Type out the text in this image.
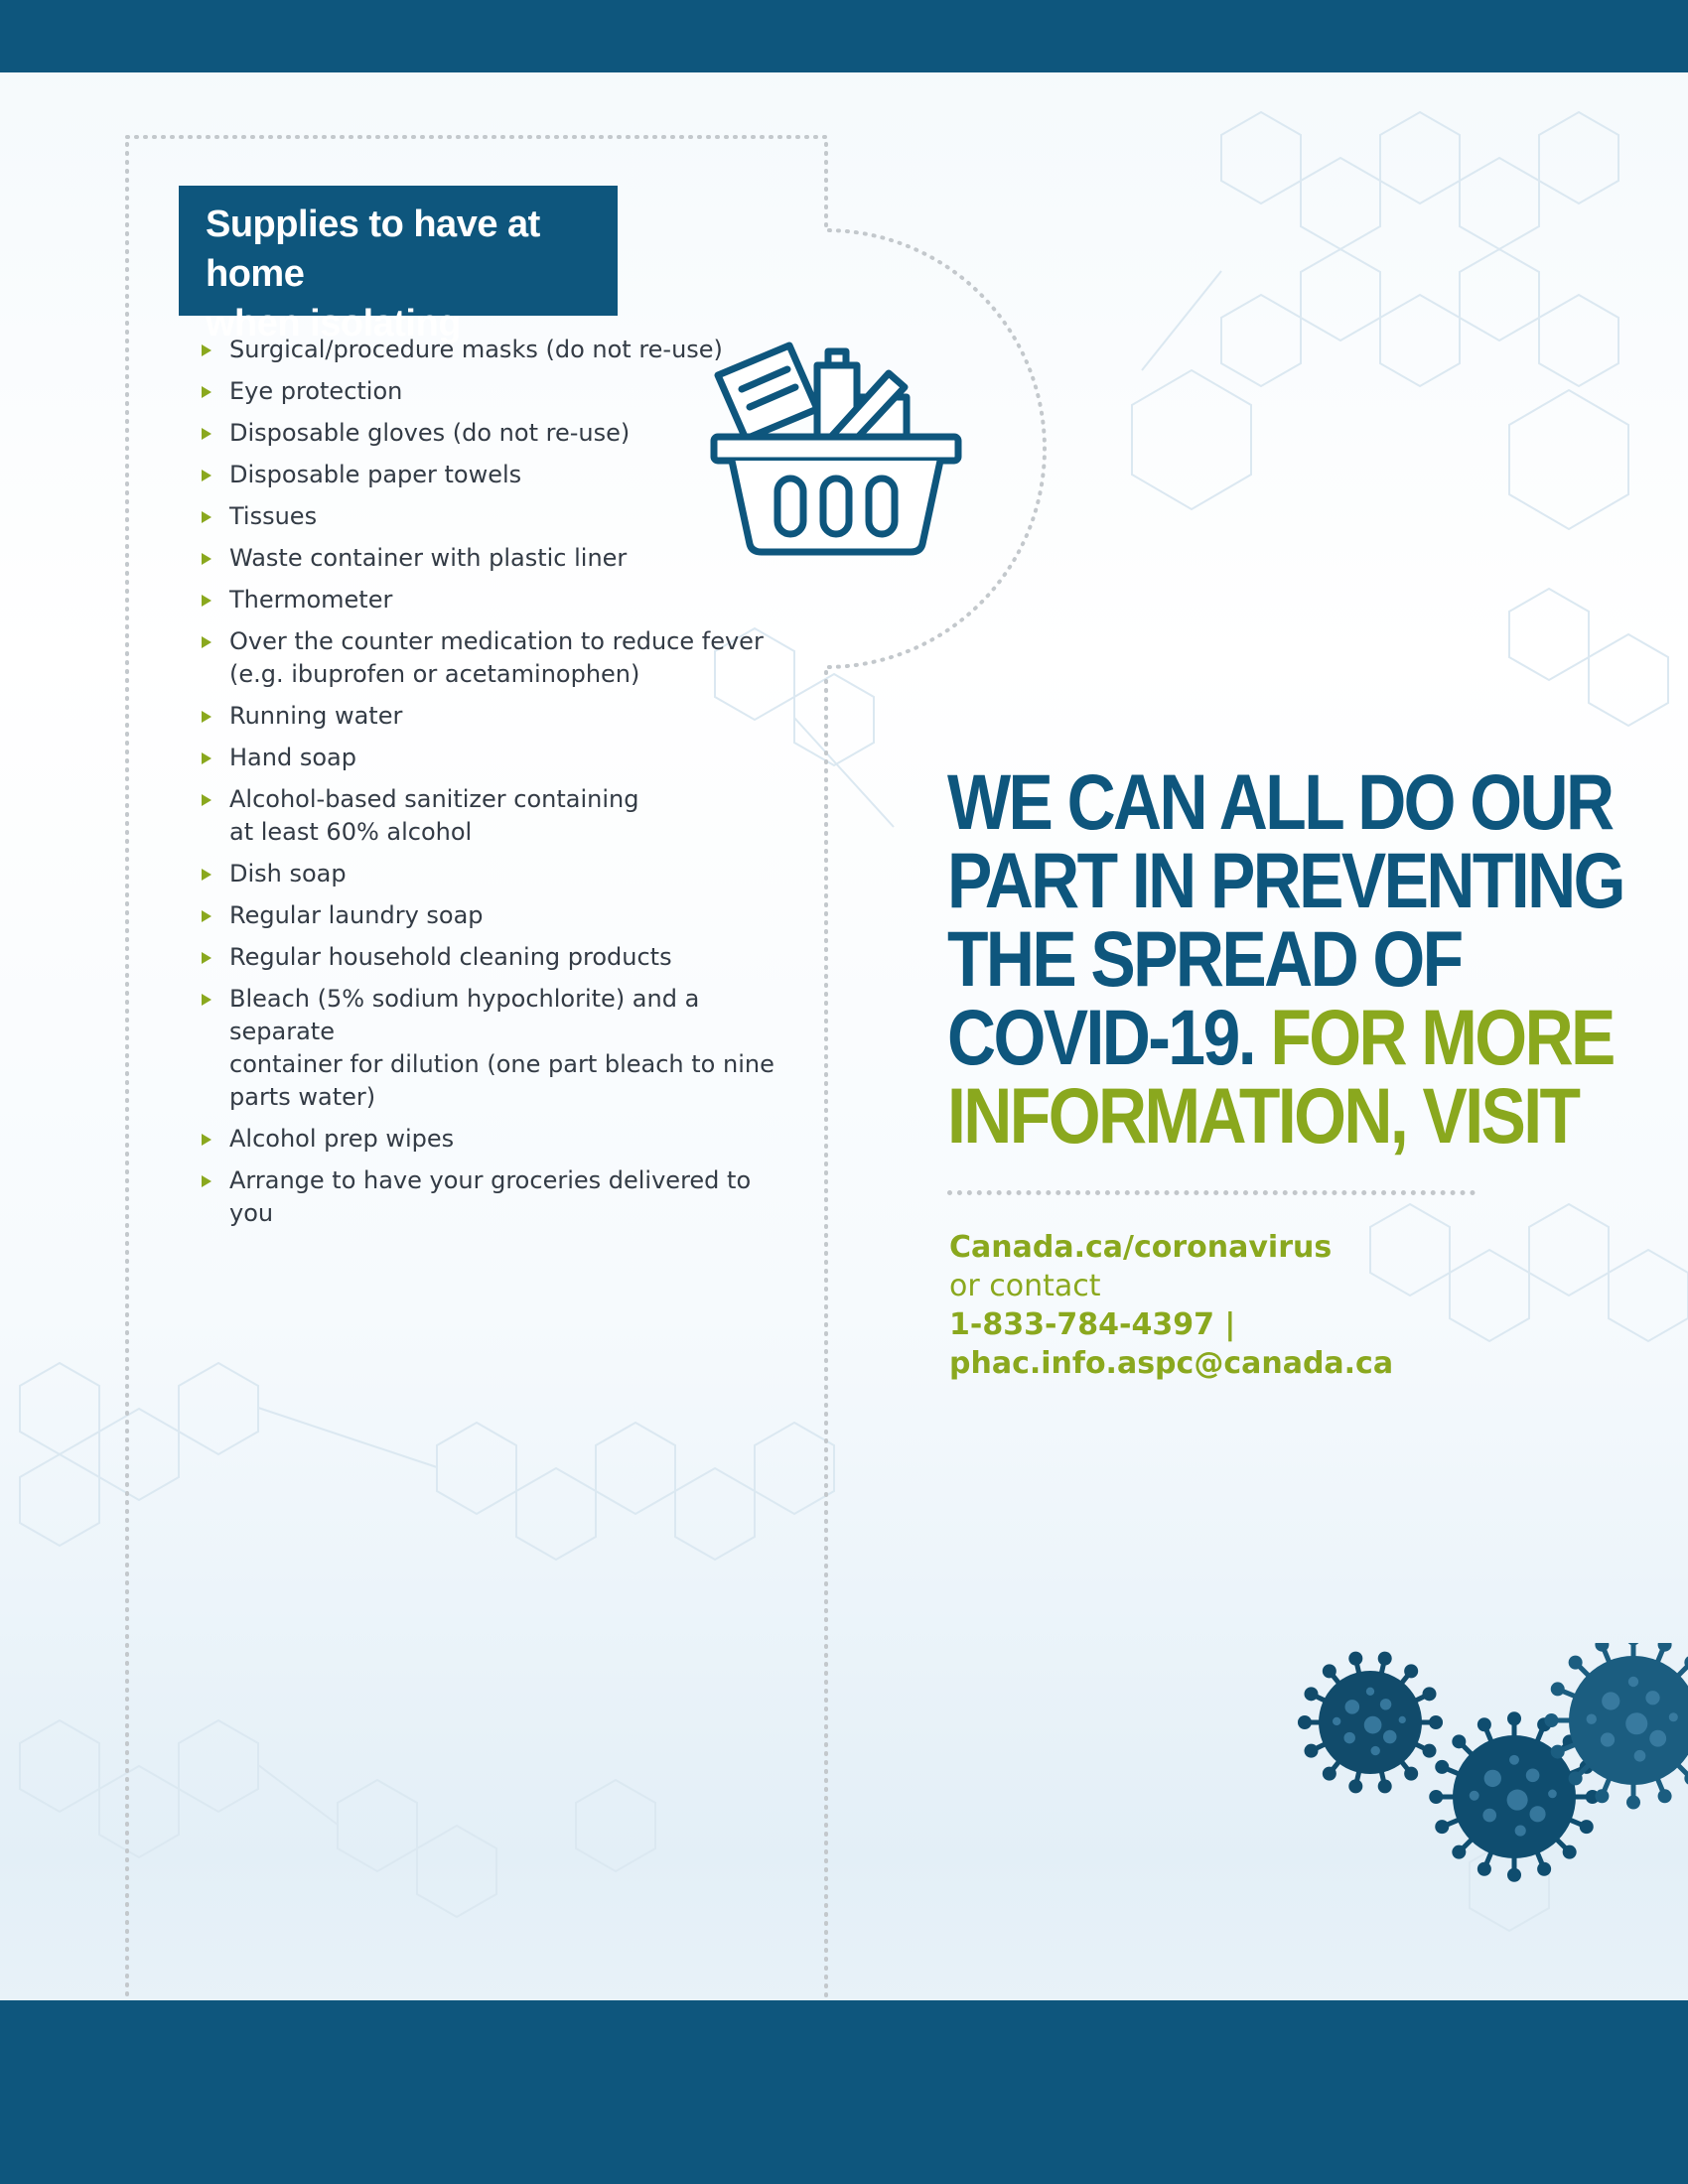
Supplies to have at home
when isolating
Surgical/procedure masks (do not re-use)
Eye protection
Disposable gloves (do not re-use)
Disposable paper towels
Tissues
Waste container with plastic liner
Thermometer
Over the counter medication to reduce fever
(e.g. ibuprofen or acetaminophen)
Running water
Hand soap
Alcohol-based sanitizer containing
at least 60% alcohol
Dish soap
Regular laundry soap
Regular household cleaning products
Bleach (5% sodium hypochlorite) and a separate
container for dilution (one part bleach to nine
parts water)
Alcohol prep wipes
Arrange to have your groceries delivered to you
WE CAN ALL DO OUR
PART IN PREVENTING
THE SPREAD OF
COVID-19. FOR MORE
INFORMATION, VISIT
Canada.ca/coronavirus
or contact
1-833-784-4397 |
phac.info.aspc@canada.ca
